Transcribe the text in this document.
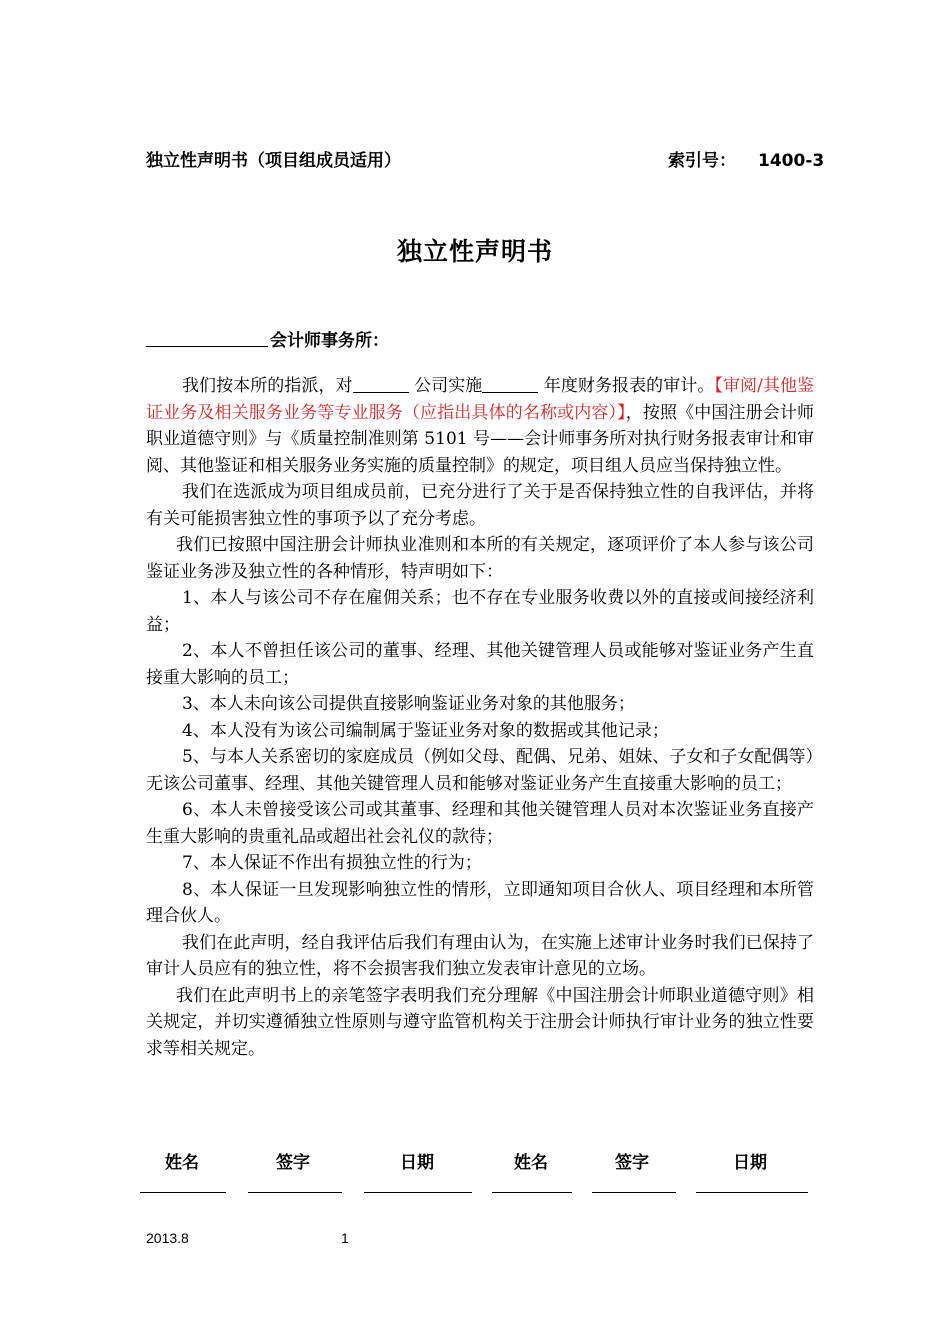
独立性声明书（项目组成员适用）	索引号： 1400-3
独立性声明书
会计师事务所：

我们按本所的指派，对	公司实施	年度财务报表的审计。【审阅/其他鉴证业务及相关服务业务等专业服务（应指出具体的名称或内容）】，按照《中国注册会计师职业道德守则》与《质量控制准则第 5101 号——会计师事务所对执行财务报表审计和审阅、其他鉴证和相关服务业务实施的质量控制》的规定，项目组人员应当保持独立性。

我们在选派成为项目组成员前，已充分进行了关于是否保持独立性的自我评估，并将有关可能损害独立性的事项予以了充分考虑。

我们已按照中国注册会计师执业准则和本所的有关规定，逐项评价了本人参与该公司鉴证业务涉及独立性的各种情形，特声明如下：

1、本人与该公司不存在雇佣关系；也不存在专业服务收费以外的直接或间接经济利益；

2、本人不曾担任该公司的董事、经理、其他关键管理人员或能够对鉴证业务产生直接重大影响的员工；

3、本人未向该公司提供直接影响鉴证业务对象的其他服务；

4、本人没有为该公司编制属于鉴证业务对象的数据或其他记录；

5、与本人关系密切的家庭成员（例如父母、配偶、兄弟、姐妹、子女和子女配偶等）无该公司董事、经理、其他关键管理人员和能够对鉴证业务产生直接重大影响的员工；

6、本人未曾接受该公司或其董事、经理和其他关键管理人员对本次鉴证业务直接产生重大影响的贵重礼品或超出社会礼仪的款待；

7、本人保证不作出有损独立性的行为；

8、本人保证一旦发现影响独立性的情形，立即通知项目合伙人、项目经理和本所管理合伙人。

我们在此声明，经自我评估后我们有理由认为，在实施上述审计业务时我们已保持了审计人员应有的独立性，将不会损害我们独立发表审计意见的立场。

我们在此声明书上的亲笔签字表明我们充分理解《中国注册会计师职业道德守则》相关规定，并切实遵循独立性原则与遵守监管机构关于注册会计师执行审计业务的独立性要求等相关规定。

姓名	签字	日期	姓名	签字	日期
2013.8	1
